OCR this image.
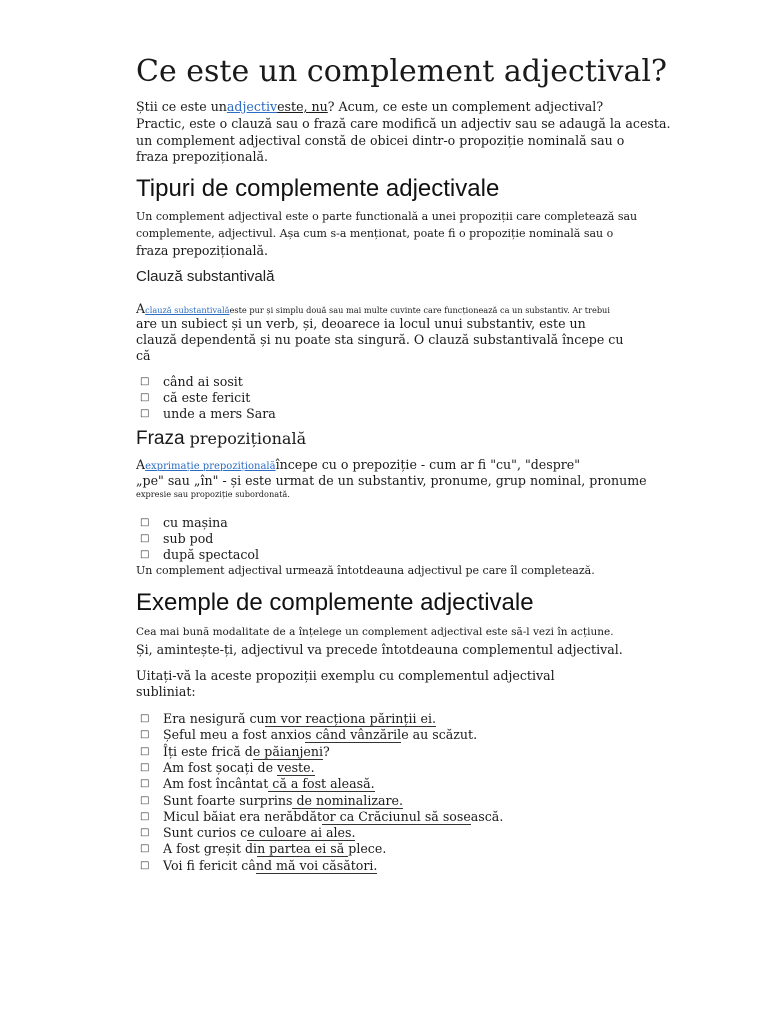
Ce este un complement adjectival?
Știi ce este unadjectiveste, nu? Acum, ce este un complement adjectival?
Practic, este o clauză sau o frază care modifică un adjectiv sau se adaugă la acesta.
un complement adjectival constă de obicei dintr-o propoziție nominală sau o
fraza prepozițională.
Tipuri de complemente adjectivale
Un complement adjectival este o parte functională a unei propoziții care completează sau
complemente, adjectivul. Așa cum s-a menționat, poate fi o propoziție nominală sau o
fraza prepozițională.
Clauză substantivală
Aclauză substantivalăeste pur și simplu două sau mai multe cuvinte care funcționează ca un substantiv. Ar trebui
are un subiect și un verb, și, deoarece ia locul unui substantiv, este un
clauză dependentă și nu poate sta singură. O clauză substantivală începe cu
că
□ când ai sosit
□ că este fericit
□ unde a mers Sara
Fraza prepozițională
Aexprimație prepoziționalăîncepe cu o prepoziție - cum ar fi "cu", "despre"
„pe" sau „în" - și este urmat de un substantiv, pronume, grup nominal, pronume
expresie sau propoziție subordonată.
□ cu mașina
□ sub pod
□ după spectacol
Un complement adjectival urmează întotdeauna adjectivul pe care îl completează.
Exemple de complemente adjectivale
Cea mai bună modalitate de a înțelege un complement adjectival este să-l vezi în acțiune.
Și, amintește-ți, adjectivul va precede întotdeauna complementul adjectival.
Uitați-vă la aceste propoziții exemplu cu complementul adjectival
subliniat:
□ Era nesigură cum vor reacționa părinții ei.
□ Șeful meu a fost anxios când vânzările au scăzut.
□ Îți este frică de păianjeni?
□ Am fost șocați de veste.
□ Am fost încântat că a fost aleasă.
□ Sunt foarte surprins de nominalizare.
□ Micul băiat era nerăbdător ca Crăciunul să sosească.
□ Sunt curios ce culoare ai ales.
□ A fost greșit din partea ei să plece.
□ Voi fi fericit când mă voi căsători.
